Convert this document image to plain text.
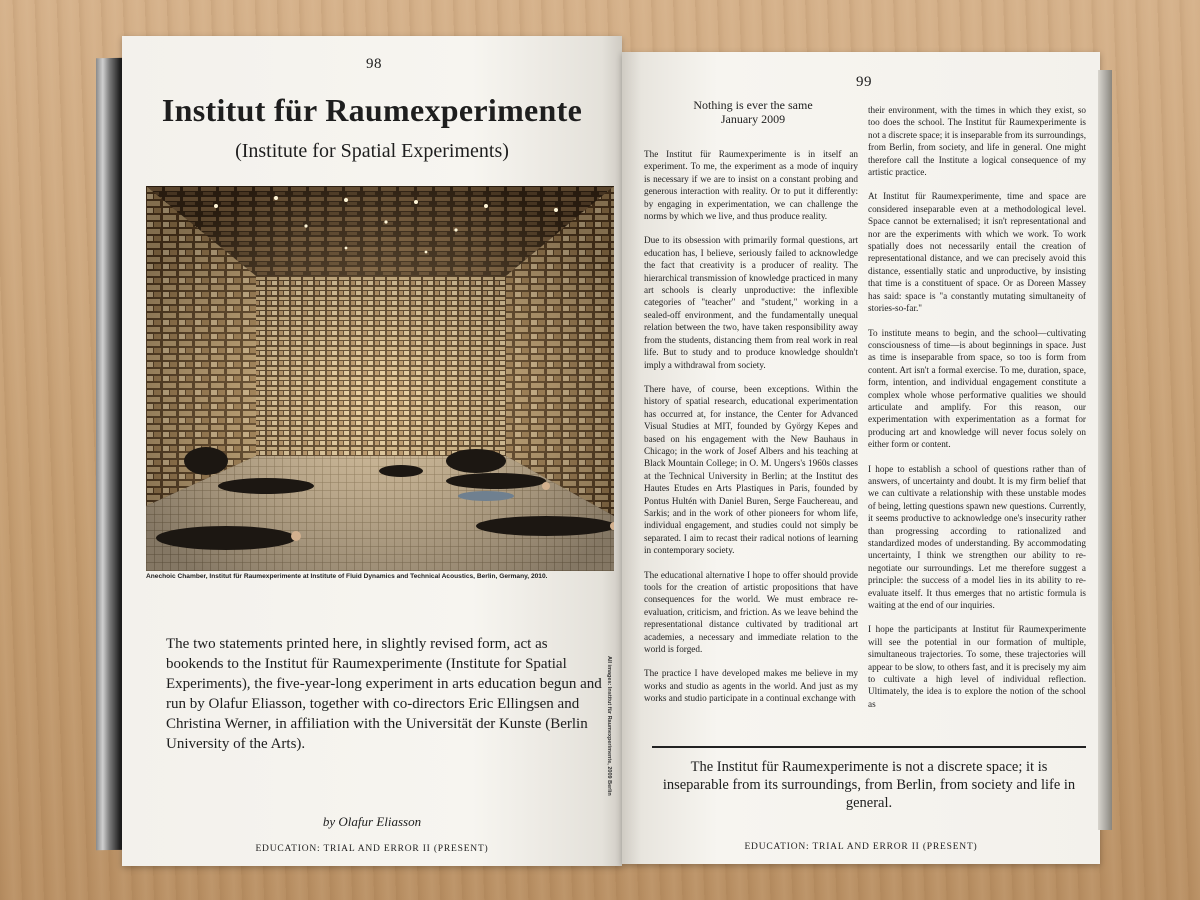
98
Institut für Raumexperimente
(Institute for Spatial Experiments)
Anechoic Chamber, Institut für Raumexperimente at Institute of Fluid Dynamics and Technical Acoustics, Berlin, Germany, 2010.
All images: Institut für Raumexperimente, 2009 Berlin

The two statements printed here, in slightly revised form, act as bookends to the Institut für Raumexperimente (Institute for Spatial Experiments), the five-year-long experiment in arts education begun and run by Olafur Eliasson, together with co-directors Eric Ellingsen and Christina Werner, in affiliation with the Universität der Kunste (Berlin University of the Arts).

by Olafur Eliasson
EDUCATION: TRIAL AND ERROR II (PRESENT)
99
Nothing is ever the same
January 2009

The Institut für Raumexperimente is in itself an experiment. To me, the experiment as a mode of inquiry is necessary if we are to insist on a constant probing and generous interaction with reality. Or to put it differently: by engaging in experimentation, we can challenge the norms by which we live, and thus produce reality.

Due to its obsession with primarily formal questions, art education has, I believe, seriously failed to acknowledge the fact that creativity is a producer of reality. The hierarchical transmission of knowledge practiced in many art schools is clearly unproductive: the inflexible categories of "teacher" and "student," working in a sealed-off environment, and the fundamentally unequal relation between the two, have taken responsibility away from the students, distancing them from real work in real life. But to study and to produce knowledge shouldn't imply a withdrawal from society.

There have, of course, been exceptions. Within the history of spatial research, educational experimentation has occurred at, for instance, the Center for Advanced Visual Studies at MIT, founded by György Kepes and based on his engagement with the New Bauhaus in Chicago; in the work of Josef Albers and his teaching at Black Mountain College; in O. M. Ungers's 1960s classes at the Technical University in Berlin; at the Institut des Hautes Etudes en Arts Plastiques in Paris, founded by Pontus Hultén with Daniel Buren, Serge Fauchereau, and Sarkis; and in the work of other pioneers for whom life, individual engagement, and studies could not simply be separated. I aim to recast their radical notions of learning in contemporary society.

The educational alternative I hope to offer should provide tools for the creation of artistic propositions that have consequences for the world. We must embrace re-evaluation, criticism, and friction. As we leave behind the representational distance cultivated by traditional art academies, a necessary and immediate relation to the world is forged.

The practice I have developed makes me believe in my works and studio as agents in the world. And just as my works and studio participate in a continual exchange with

their environment, with the times in which they exist, so too does the school. The Institut für Raumexperimente is not a discrete space; it is inseparable from its surroundings, from Berlin, from society, and life in general. One might therefore call the Institute a logical consequence of my artistic practice.

At Institut für Raumexperimente, time and space are considered inseparable even at a methodological level. Space cannot be externalised; it isn't representational and nor are the experiments with which we work. To work spatially does not necessarily entail the creation of representational distance, and we can precisely avoid this distance, essentially static and unproductive, by insisting that time is a constituent of space. Or as Doreen Massey has said: space is "a constantly mutating simultaneity of stories-so-far."

To institute means to begin, and the school—cultivating consciousness of time—is about beginnings in space. Just as time is inseparable from space, so too is form from content. Art isn't a formal exercise. To me, duration, space, form, intention, and individual engagement constitute a complex whole whose performative qualities we should articulate and amplify. For this reason, our experimentation with experimentation as a format for producing art and knowledge will never focus solely on either form or content.

I hope to establish a school of questions rather than of answers, of uncertainty and doubt. It is my firm belief that we can cultivate a relationship with these unstable modes of being, letting questions spawn new questions. Currently, it seems productive to acknowledge one's insecurity rather than progressing according to rationalized and standardized modes of understanding. By accommodating uncertainty, I think we strengthen our ability to re-negotiate our surroundings. Let me therefore suggest a principle: the success of a model lies in its ability to re-evaluate itself. It thus emerges that no artistic formula is waiting at the end of our inquiries.

I hope the participants at Institut für Raumexperimente will see the potential in our formation of multiple, simultaneous trajectories. To some, these trajectories will appear to be slow, to others fast, and it is precisely my aim to cultivate a high level of individual reflection. Ultimately, the idea is to explore the notion of the school as

The Institut für Raumexperimente is not a discrete space; it is inseparable from its surroundings, from Berlin, from society and life in general.
EDUCATION: TRIAL AND ERROR II (PRESENT)
